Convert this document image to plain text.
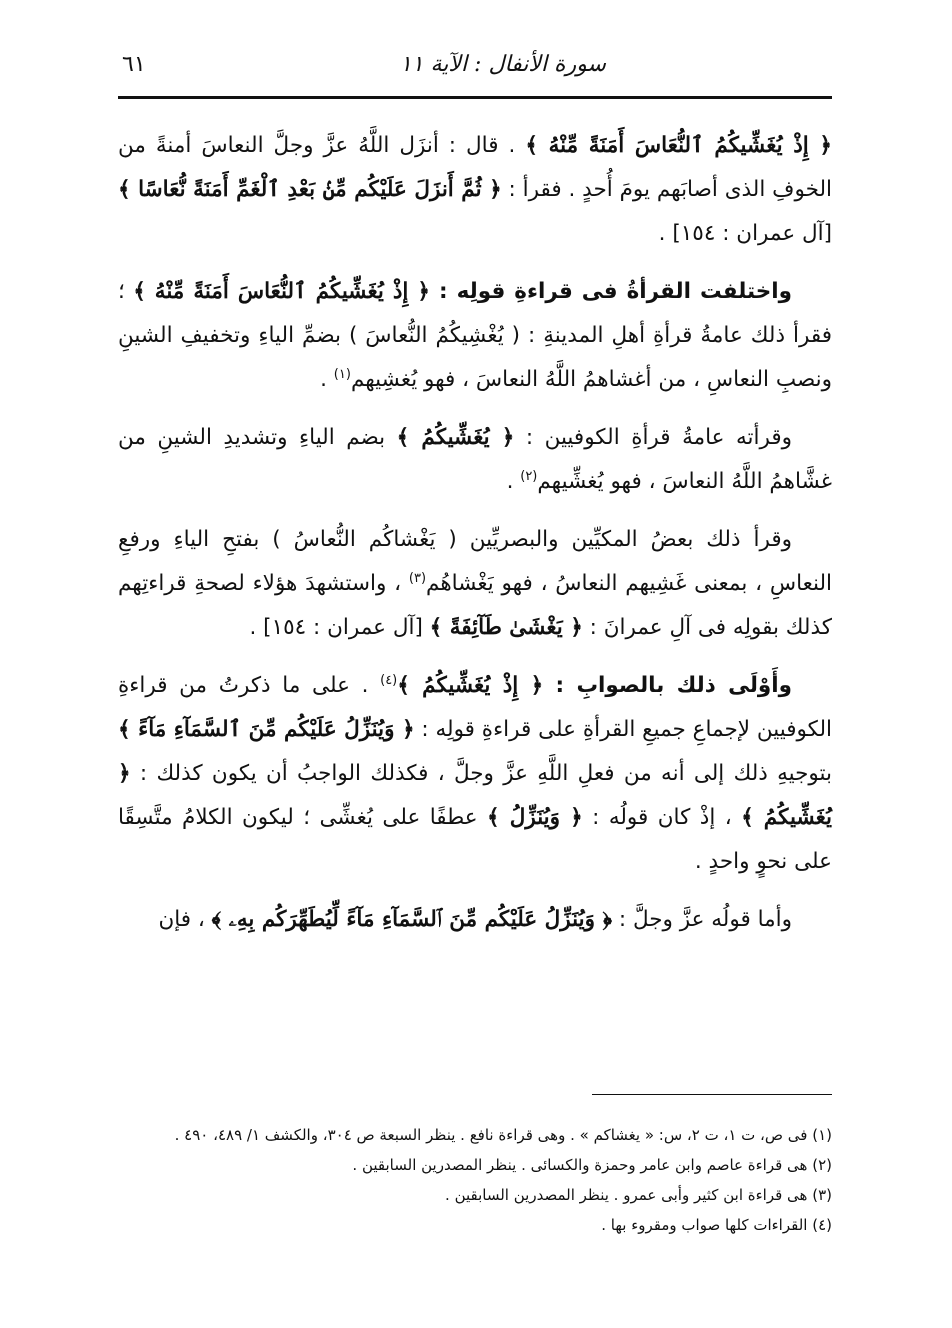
سورة الأنفال : الآية ١١
٦١

﴿ إِذْ يُغَشِّيكُمُ ٱلنُّعَاسَ أَمَنَةً مِّنْهُ ﴾ . قال : أنزَل اللَّهُ عزَّ وجلَّ النعاسَ أمنةً من الخوفِ الذى أصابَهم يومَ أُحدٍ . فقرأ : ﴿ ثُمَّ أَنزَلَ عَلَيْكُم مِّنۢ بَعْدِ ٱلْغَمِّ أَمَنَةً نُّعَاسًا ﴾ [آل عمران : ١٥٤] .

واختلفت القرأةُ فى قراءةِ قولِه : ﴿ إِذْ يُغَشِّيكُمُ ٱلنُّعَاسَ أَمَنَةً مِّنْهُ ﴾ ؛ فقرأ ذلك عامةُ قرأةِ أهلِ المدينةِ : ( يُغْشِيكُمُ النُّعاسَ ) بضمِّ الياءِ وتخفيفِ الشينِ ونصبِ النعاسِ ، من أغشاهمُ اللَّهُ النعاسَ ، فهو يُغشِيهم$^{(١)}$ .

وقرأته عامةُ قرأةِ الكوفيين : ﴿ يُغَشِّيكُمُ ﴾ بضم الياءِ وتشديدِ الشينِ من غشَّاهمُ اللَّهُ النعاسَ ، فهو يُغشِّيهم$^{(٢)}$ .

وقرأ ذلك بعضُ المكيِّين والبصريِّين ( يَغْشاكُم النُّعاسُ ) بفتحِ الياءِ ورفعِ النعاسِ ، بمعنى غَشِيهم النعاسُ ، فهو يَغْشاهُم$^{(٣)}$ ، واستشهدَ هؤلاء لصحةِ قراءتِهم كذلك بقولِه فى آلِ عمرانَ : ﴿ يَغْشَىٰ طَآئِفَةً ﴾ [آل عمران : ١٥٤] .

وأَوْلَى ذلك بالصوابِ : ﴿ إِذْ يُغَشِّيكُمُ ﴾$^{(٤)}$ . على ما ذكرتُ من قراءةِ الكوفيين لإجماعِ جميعِ القرأةِ على قراءةِ قولِه : ﴿ وَيُنَزِّلُ عَلَيْكُم مِّنَ ٱلسَّمَآءِ مَآءً ﴾ بتوجيهِ ذلك إلى أنه من فعلِ اللَّهِ عزَّ وجلَّ ، فكذلك الواجبُ أن يكون كذلك : ﴿ يُغَشِّيكُمُ ﴾ ، إذْ كان قولُه : ﴿ وَيُنَزِّلُ ﴾ عطفًا على يُغشِّى ؛ ليكون الكلامُ متَّسِقًا على نحوٍ واحدٍ .

وأما قولُه عزَّ وجلَّ : ﴿ وَيُنَزِّلُ عَلَيْكُم مِّنَ ٱلسَّمَآءِ مَآءً لِّيُطَهِّرَكُم بِهِۦ ﴾ ، فإن

(١) فى ص، ت ١، ت ٢، س: « يغشاكم » . وهى قراءة نافع . ينظر السبعة ص ٣٠٤، والكشف ١/ ٤٨٩، ٤٩٠ .
(٢) هى قراءة عاصم وابن عامر وحمزة والكسائى . ينظر المصدرين السابقين .
(٣) هى قراءة ابن كثير وأبى عمرو . ينظر المصدرين السابقين .
(٤) القراءات كلها صواب ومقروء بها .
